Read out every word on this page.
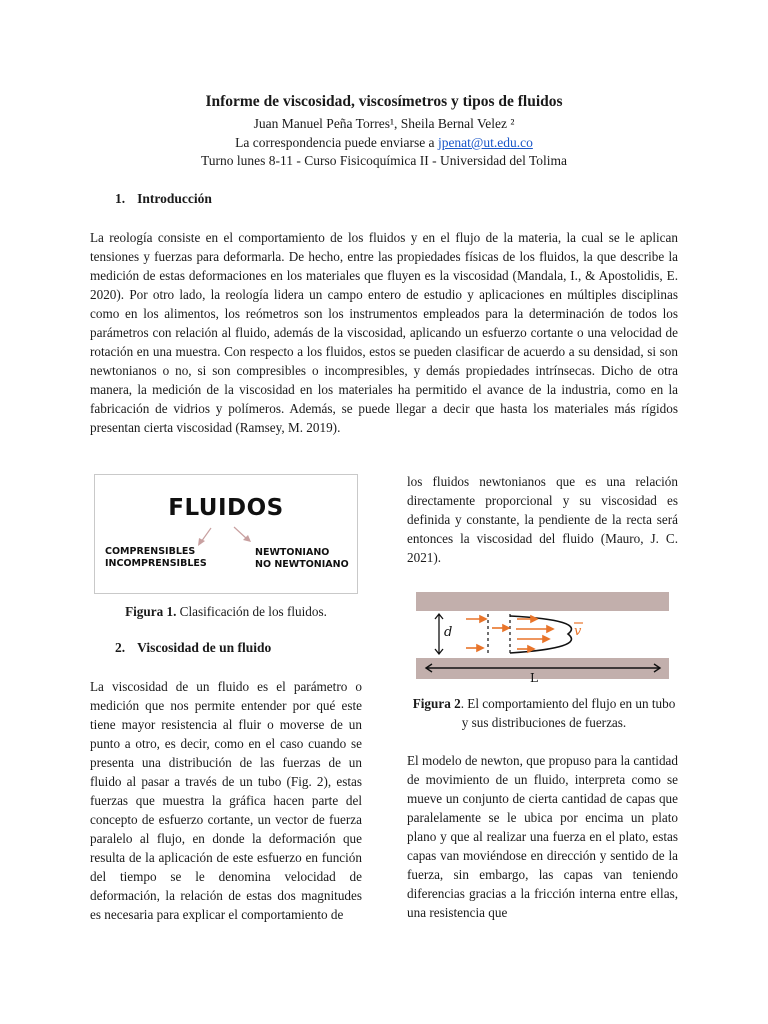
Informe de viscosidad, viscosímetros y tipos de fluidos
Juan Manuel Peña Torres¹, Sheila Bernal Velez ²
La correspondencia puede enviarse a jpenat@ut.edu.co
Turno lunes 8-11 - Curso Fisicoquímica II - Universidad del Tolima
1. Introducción
La reología consiste en el comportamiento de los fluidos y en el flujo de la materia, la cual se le aplican tensiones y fuerzas para deformarla. De hecho, entre las propiedades físicas de los fluidos, la que describe la medición de estas deformaciones en los materiales que fluyen es la viscosidad (Mandala, I., & Apostolidis, E. 2020). Por otro lado, la reología lidera un campo entero de estudio y aplicaciones en múltiples disciplinas como en los alimentos, los reómetros son los instrumentos empleados para la determinación de todos los parámetros con relación al fluido, además de la viscosidad, aplicando un esfuerzo cortante o una velocidad de rotación en una muestra. Con respecto a los fluidos, estos se pueden clasificar de acuerdo a su densidad, si son newtonianos o no, si son compresibles o incompresibles, y demás propiedades intrínsecas. Dicho de otra manera, la medición de la viscosidad en los materiales ha permitido el avance de la industria, como en la fabricación de vidrios y polímeros. Además, se puede llegar a decir que hasta los materiales más rígidos presentan cierta viscosidad (Ramsey, M. 2019).
FLUIDOS
COMPRENSIBLES
INCOMPRENSIBLES
NEWTONIANO
NO NEWTONIANO
Figura 1. Clasificación de los fluidos.
2. Viscosidad de un fluido
La viscosidad de un fluido es el parámetro o medición que nos permite entender por qué este tiene mayor resistencia al fluir o moverse de un punto a otro, es decir, como en el caso cuando se presenta una distribución de las fuerzas de un fluido al pasar a través de un tubo (Fig. 2), estas fuerzas que muestra la gráfica hacen parte del concepto de esfuerzo cortante, un vector de fuerza paralelo al flujo, en donde la deformación que resulta de la aplicación de este esfuerzo en función del tiempo se le denomina velocidad de deformación, la relación de estas dos magnitudes es necesaria para explicar el comportamiento de
los fluidos newtonianos que es una relación directamente proporcional y su viscosidad es definida y constante, la pendiente de la recta será entonces la viscosidad del fluido (Mauro, J. C. 2021).
d	v
L
Figura 2. El comportamiento del flujo en un tubo y sus distribuciones de fuerzas.
El modelo de newton, que propuso para la cantidad de movimiento de un fluido, interpreta como se mueve un conjunto de cierta cantidad de capas que paralelamente se le ubica por encima un plato plano y que al realizar una fuerza en el plato, estas capas van moviéndose en dirección y sentido de la fuerza, sin embargo, las capas van teniendo diferencias gracias a la fricción interna entre ellas, una resistencia que
